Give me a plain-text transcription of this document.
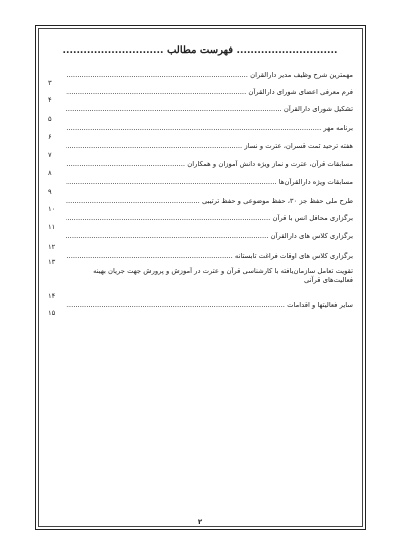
............................. فهرست مطالب .............................
مهمترین شرح وظیف مدیر دارالقران .....
۳
فرم معرفی اعضای شورای دارالقرآن .....
۴
تشکیل شورای دارالقرآن .....
۵
برنامه مهر .....
۶
هفته ترحید ثمت قسران، عترت و نساز .....
۷
مسابقات قرآن، عترت و نماز ویژه دانش آموزان و همکاران .....
۸
مسابقات ویژه دارالقرآن‌ها .....
۹
طرح ملی حفظ جز ۳۰، حفظ موضوعی و حفظ ترتیبی .....
۱۰
برگزاری محافل انس با قرآن .....
۱۱
برگزاری کلاس های دارالقرآن .....
۱۲
برگزاری کلاس های اوقات فراغت تابستانه .....
۱۳
تقویت تعامل سازمان‌یافته با کارشناسی قرآن و عترت در آموزش و پرورش جهت جریان بهینه فعالیت‌های قرآنی
۱۴
سایر فعالیتها و اقدامات .....
۱۵
۲
